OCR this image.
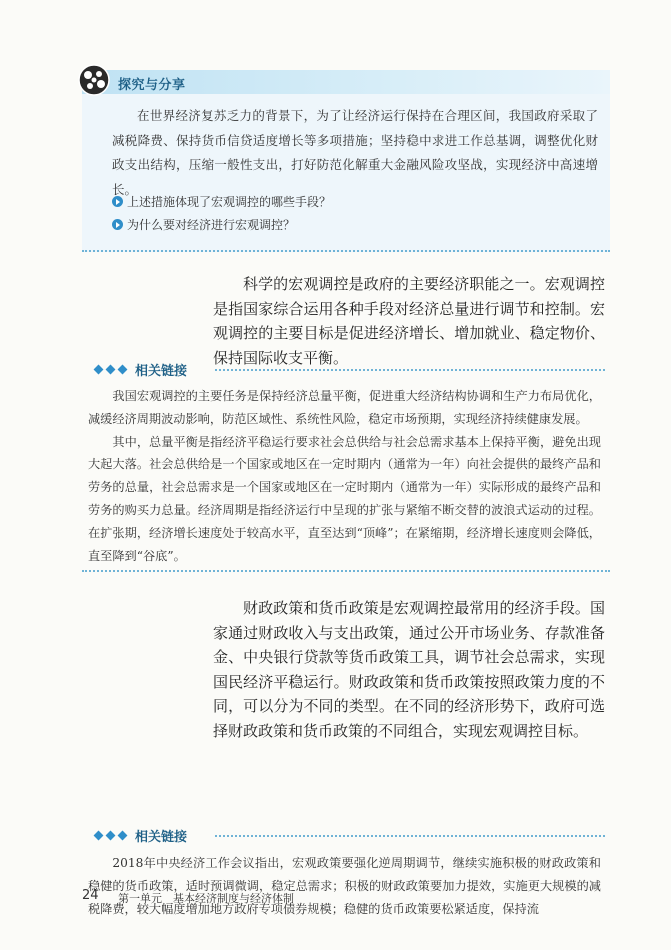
探究与分享
在世界经济复苏乏力的背景下，为了让经济运行保持在合理区间，我国政府采取了减税降费、保持货币信贷适度增长等多项措施；坚持稳中求进工作总基调，调整优化财政支出结构，压缩一般性支出，打好防范化解重大金融风险攻坚战，实现经济中高速增长。
上述措施体现了宏观调控的哪些手段？
为什么要对经济进行宏观调控？
科学的宏观调控是政府的主要经济职能之一。宏观调控是指国家综合运用各种手段对经济总量进行调节和控制。宏观调控的主要目标是促进经济增长、增加就业、稳定物价、保持国际收支平衡。
相关链接

我国宏观调控的主要任务是保持经济总量平衡，促进重大经济结构协调和生产力布局优化，减缓经济周期波动影响，防范区域性、系统性风险，稳定市场预期，实现经济持续健康发展。

其中，总量平衡是指经济平稳运行要求社会总供给与社会总需求基本上保持平衡，避免出现大起大落。社会总供给是一个国家或地区在一定时期内（通常为一年）向社会提供的最终产品和劳务的总量，社会总需求是一个国家或地区在一定时期内（通常为一年）实际形成的最终产品和劳务的购买力总量。经济周期是指经济运行中呈现的扩张与紧缩不断交替的波浪式运动的过程。在扩张期，经济增长速度处于较高水平，直至达到“顶峰”；在紧缩期，经济增长速度则会降低，直至降到“谷底”。

财政政策和货币政策是宏观调控最常用的经济手段。国家通过财政收入与支出政策，通过公开市场业务、存款准备金、中央银行贷款等货币政策工具，调节社会总需求，实现国民经济平稳运行。财政政策和货币政策按照政策力度的不同，可以分为不同的类型。在不同的经济形势下，政府可选择财政政策和货币政策的不同组合，实现宏观调控目标。
相关链接

2018年中央经济工作会议指出，宏观政策要强化逆周期调节，继续实施积极的财政政策和稳健的货币政策，适时预调微调，稳定总需求；积极的财政政策要加力提效，实施更大规模的减税降费，较大幅度增加地方政府专项债券规模；稳健的货币政策要松紧适度，保持流

24 第一单元　基本经济制度与经济体制
